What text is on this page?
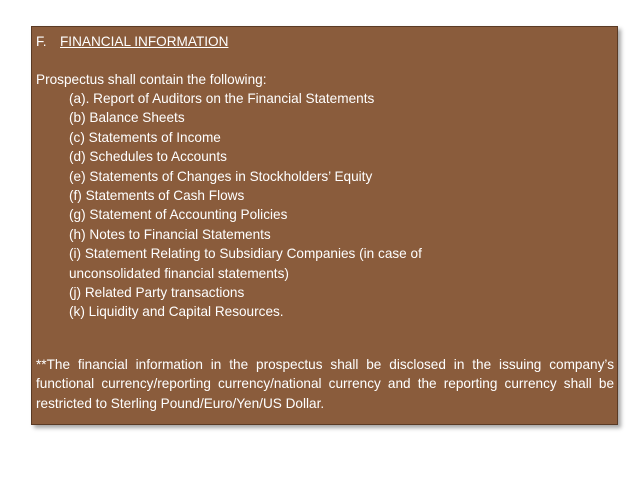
F. FINANCIAL INFORMATION
Prospectus shall contain the following:
(a). Report of Auditors on the Financial Statements
(b) Balance Sheets
(c) Statements of Income
(d) Schedules to Accounts
(e) Statements of Changes in Stockholders’ Equity
(f) Statements of Cash Flows
(g) Statement of Accounting Policies
(h) Notes to Financial Statements
(i) Statement Relating to Subsidiary Companies (in case of
unconsolidated financial statements)
(j) Related Party transactions
(k) Liquidity and Capital Resources.
**The financial information in the prospectus shall be disclosed in the issuing company’s functional currency/reporting currency/national currency and the reporting currency shall be restricted to Sterling Pound/Euro/Yen/US Dollar.
